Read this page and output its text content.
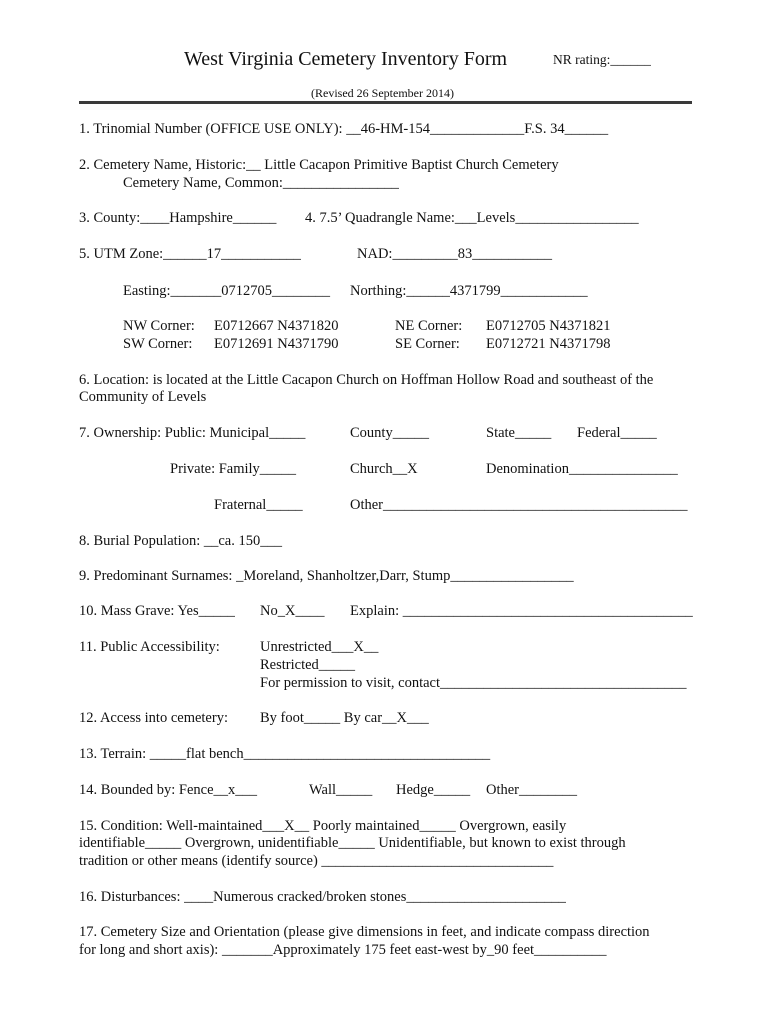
West Virginia Cemetery Inventory Form	NR rating:______
(Revised 26 September 2014)
1. Trinomial Number (OFFICE USE ONLY): __46-HM-154_____________F.S. 34______
2. Cemetery Name, Historic:__ Little Cacapon Primitive Baptist Church Cemetery
Cemetery Name, Common:________________
3. County:____Hampshire______ 4. 7.5’ Quadrangle Name:___Levels_________________
5. UTM Zone:______17___________	NAD:_________83___________
Easting:_______0712705________ Northing:______4371799____________
NW Corner: E0712667 N4371820	NE Corner: E0712705 N4371821
SW Corner: E0712691 N4371790	SE Corner: E0712721 N4371798
6. Location: is located at the Little Cacapon Church on Hoffman Hollow Road and southeast of the
Community of Levels
7. Ownership: Public: Municipal_____	County_____	State_____ Federal_____
Private: Family_____	Church__X	Denomination_______________
Fraternal_____	Other__________________________________________
8. Burial Population: __ca. 150___
9. Predominant Surnames: _Moreland, Shanholtzer,Darr, Stump_________________
10. Mass Grave: Yes_____ No_X____ Explain: ________________________________________
11. Public Accessibility:	Unrestricted___X__
Restricted_____
For permission to visit, contact__________________________________
12. Access into cemetery: By foot_____ By car__X___
13. Terrain: _____flat bench__________________________________
14. Bounded by: Fence__x___	Wall_____ Hedge_____ Other________
15. Condition: Well-maintained___X__ Poorly maintained_____ Overgrown, easily
identifiable_____ Overgrown, unidentifiable_____ Unidentifiable, but known to exist through
tradition or other means (identify source) ________________________________
16. Disturbances: ____Numerous cracked/broken stones______________________
17. Cemetery Size and Orientation (please give dimensions in feet, and indicate compass direction
for long and short axis): _______Approximately 175 feet east-west by_90 feet__________
